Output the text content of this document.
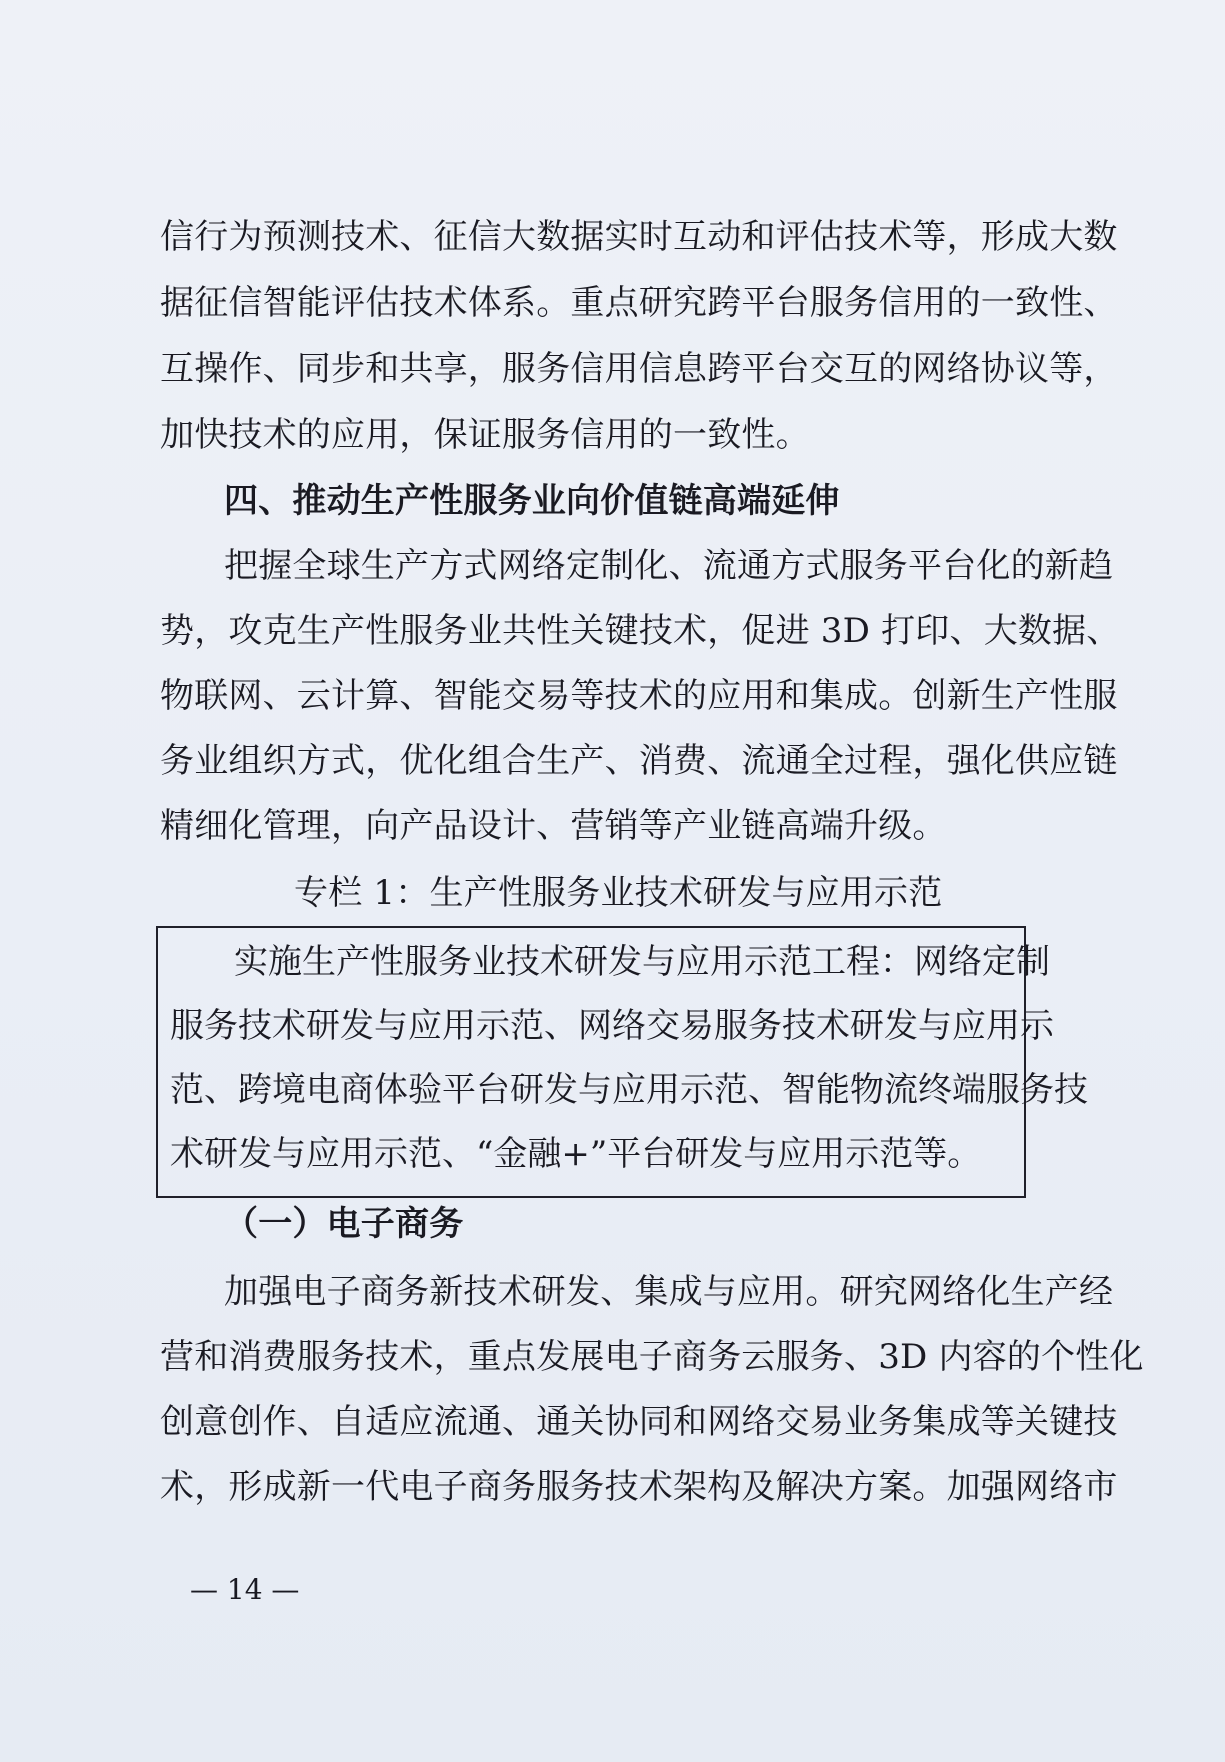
信行为预测技术、征信大数据实时互动和评估技术等，形成大数
据征信智能评估技术体系。重点研究跨平台服务信用的一致性、
互操作、同步和共享，服务信用信息跨平台交互的网络协议等，
加快技术的应用，保证服务信用的一致性。
四、推动生产性服务业向价值链高端延伸
把握全球生产方式网络定制化、流通方式服务平台化的新趋
势，攻克生产性服务业共性关键技术，促进 3D 打印、大数据、
物联网、云计算、智能交易等技术的应用和集成。创新生产性服
务业组织方式，优化组合生产、消费、流通全过程，强化供应链
精细化管理，向产品设计、营销等产业链高端升级。
专栏 1：生产性服务业技术研发与应用示范
实施生产性服务业技术研发与应用示范工程：网络定制
服务技术研发与应用示范、网络交易服务技术研发与应用示
范、跨境电商体验平台研发与应用示范、智能物流终端服务技
术研发与应用示范、“金融+”平台研发与应用示范等。
（一）电子商务
加强电子商务新技术研发、集成与应用。研究网络化生产经
营和消费服务技术，重点发展电子商务云服务、3D 内容的个性化
创意创作、自适应流通、通关协同和网络交易业务集成等关键技
术，形成新一代电子商务服务技术架构及解决方案。加强网络市
— 14 —
